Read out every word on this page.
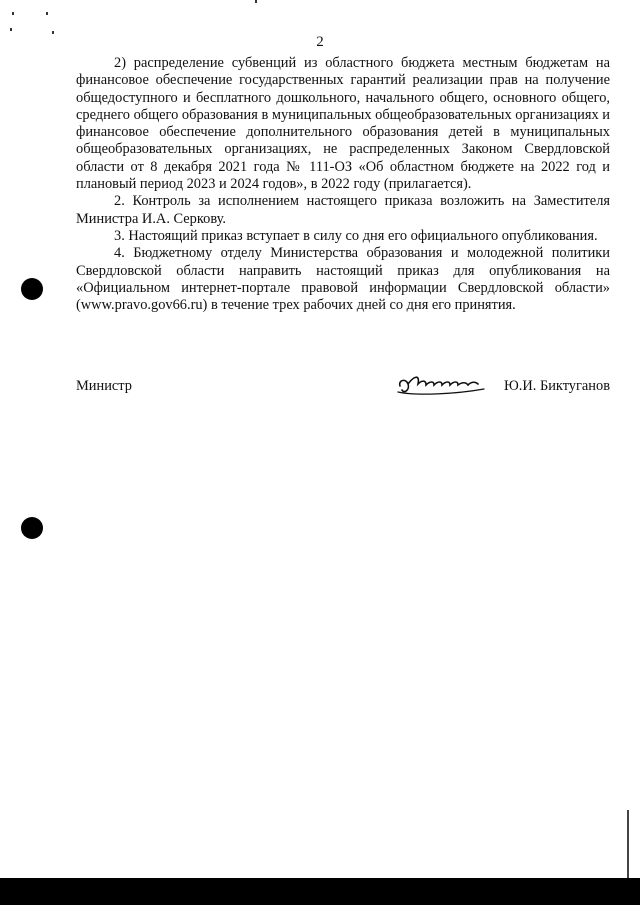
2

2) распределение субвенций из областного бюджета местным бюджетам на финансовое обеспечение государственных гарантий реализации прав на получение общедоступного и бесплатного дошкольного, начального общего, основного общего, среднего общего образования в муниципальных общеобразовательных организациях и финансовое обеспечение дополнительного образования детей в муниципальных общеобразовательных организациях, не распределенных Законом Свердловской области от 8 декабря 2021 года № 111-ОЗ «Об областном бюджете на 2022 год и плановый период 2023 и 2024 годов», в 2022 году (прилагается).

2. Контроль за исполнением настоящего приказа возложить на Заместителя Министра И.А. Серкову.

3. Настоящий приказ вступает в силу со дня его официального опубликования.

4. Бюджетному отделу Министерства образования и молодежной политики Свердловской области направить настоящий приказ для опубликования на «Официальном интернет-портале правовой информации Свердловской области» (www.pravo.gov66.ru) в течение трех рабочих дней со дня его принятия.

Министр	Ю.И. Биктуганов
